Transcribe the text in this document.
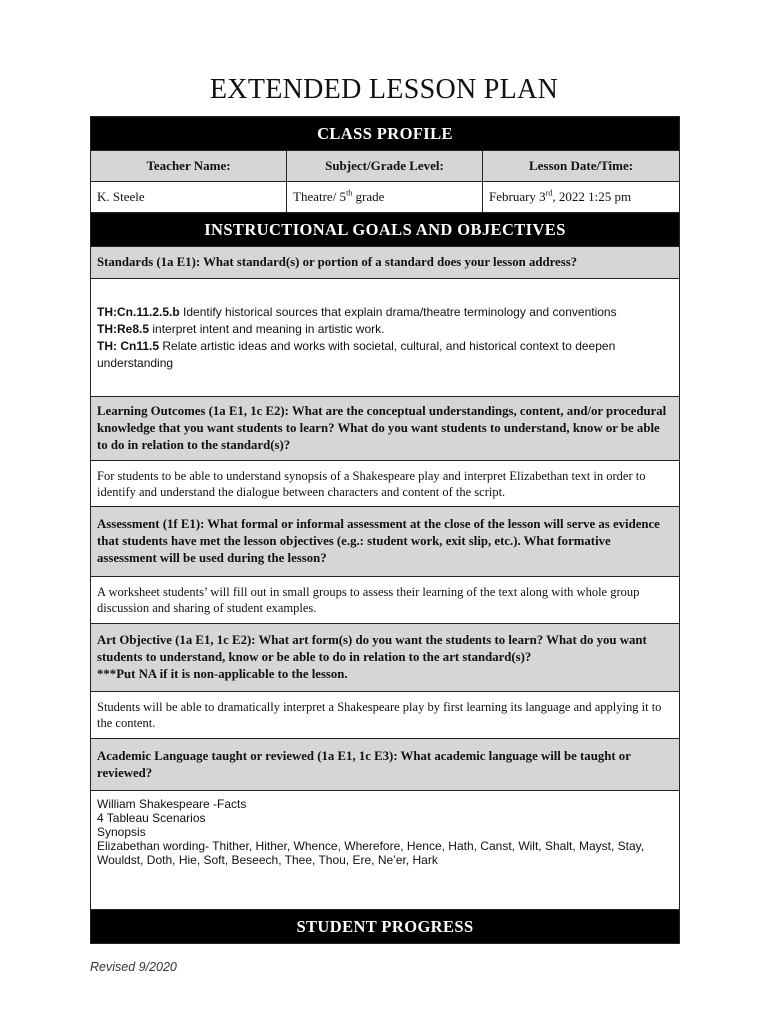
EXTENDED LESSON PLAN
CLASS PROFILE		
Teacher Name:	Subject/Grade Level:	Lesson Date/Time:
K. Steele	Theatre/ 5th grade	February 3rd, 2022 1:25 pm
INSTRUCTIONAL GOALS AND OBJECTIVES		
Standards (1a E1): What standard(s) or portion of a standard does your lesson address?		

TH:Cn.11.2.5.b Identify historical sources that explain drama/theatre terminology and conventions
TH:Re8.5 interpret intent and meaning in artistic work.
TH: Cn11.5 Relate artistic ideas and works with societal, cultural, and historical context to deepen understanding		

Learning Outcomes (1a E1, 1c E2): What are the conceptual understandings, content, and/or procedural knowledge that you want students to learn? What do you want students to understand, know or be able to do in relation to the standard(s)?		
For students to be able to understand synopsis of a Shakespeare play and interpret Elizabethan text in order to identify and understand the dialogue between characters and content of the script.		
Assessment (1f E1): What formal or informal assessment at the close of the lesson will serve as evidence that students have met the lesson objectives (e.g.: student work, exit slip, etc.). What formative assessment will be used during the lesson?		
A worksheet students’ will fill out in small groups to assess their learning of the text along with whole group discussion and sharing of student examples.		
Art Objective (1a E1, 1c E2): What art form(s) do you want the students to learn? What do you want students to understand, know or be able to do in relation to the art standard(s)?
***Put NA if it is non-applicable to the lesson.		
Students will be able to dramatically interpret a Shakespeare play by first learning its language and applying it to the content.		
Academic Language taught or reviewed (1a E1, 1c E3): What academic language will be taught or reviewed?		

William Shakespeare -Facts
4 Tableau Scenarios
Synopsis
Elizabethan wording- Thither, Hither, Whence, Wherefore, Hence, Hath, Canst, Wilt, Shalt, Mayst, Stay, Wouldst, Doth, Hie, Soft, Beseech, Thee, Thou, Ere, Ne’er, Hark		

STUDENT PROGRESS		
Revised 9/2020
